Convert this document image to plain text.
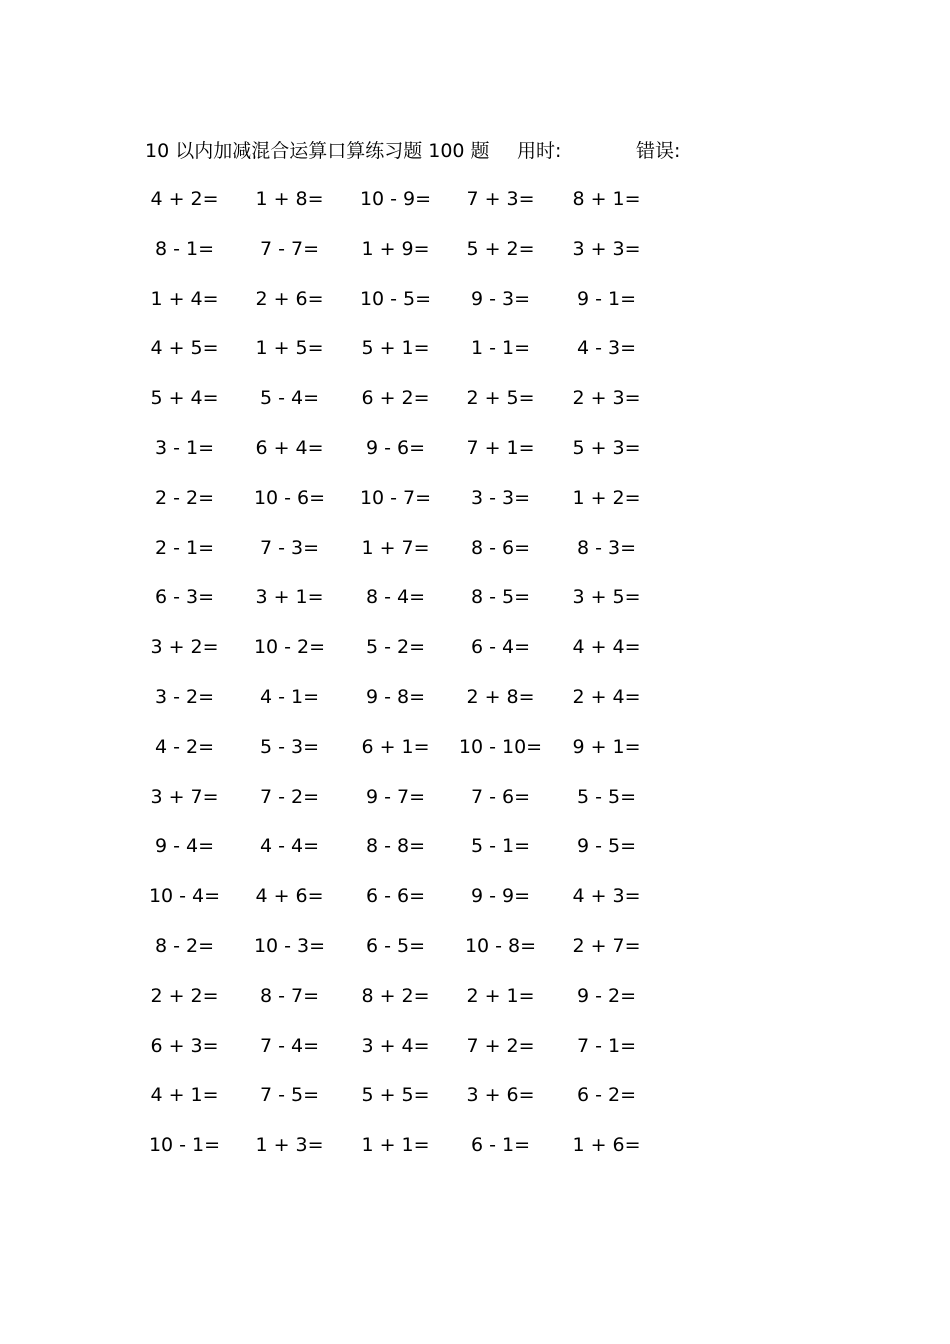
10 以内加减混合运算口算练习题 100 题 用时:	错误:
4 + 2=	1 + 8=	10 - 9=	7 + 3=	8 + 1=
8 - 1=	7 - 7=	1 + 9=	5 + 2=	3 + 3=
1 + 4=	2 + 6=	10 - 5=	9 - 3=	9 - 1=
4 + 5=	1 + 5=	5 + 1=	1 - 1=	4 - 3=
5 + 4=	5 - 4=	6 + 2=	2 + 5=	2 + 3=
3 - 1=	6 + 4=	9 - 6=	7 + 1=	5 + 3=
2 - 2=	10 - 6=	10 - 7=	3 - 3=	1 + 2=
2 - 1=	7 - 3=	1 + 7=	8 - 6=	8 - 3=
6 - 3=	3 + 1=	8 - 4=	8 - 5=	3 + 5=
3 + 2=	10 - 2=	5 - 2=	6 - 4=	4 + 4=
3 - 2=	4 - 1=	9 - 8=	2 + 8=	2 + 4=
4 - 2=	5 - 3=	6 + 1=	10 - 10=	9 + 1=
3 + 7=	7 - 2=	9 - 7=	7 - 6=	5 - 5=
9 - 4=	4 - 4=	8 - 8=	5 - 1=	9 - 5=
10 - 4=	4 + 6=	6 - 6=	9 - 9=	4 + 3=
8 - 2=	10 - 3=	6 - 5=	10 - 8=	2 + 7=
2 + 2=	8 - 7=	8 + 2=	2 + 1=	9 - 2=
6 + 3=	7 - 4=	3 + 4=	7 + 2=	7 - 1=
4 + 1=	7 - 5=	5 + 5=	3 + 6=	6 - 2=
10 - 1=	1 + 3=	1 + 1=	6 - 1=	1 + 6=
